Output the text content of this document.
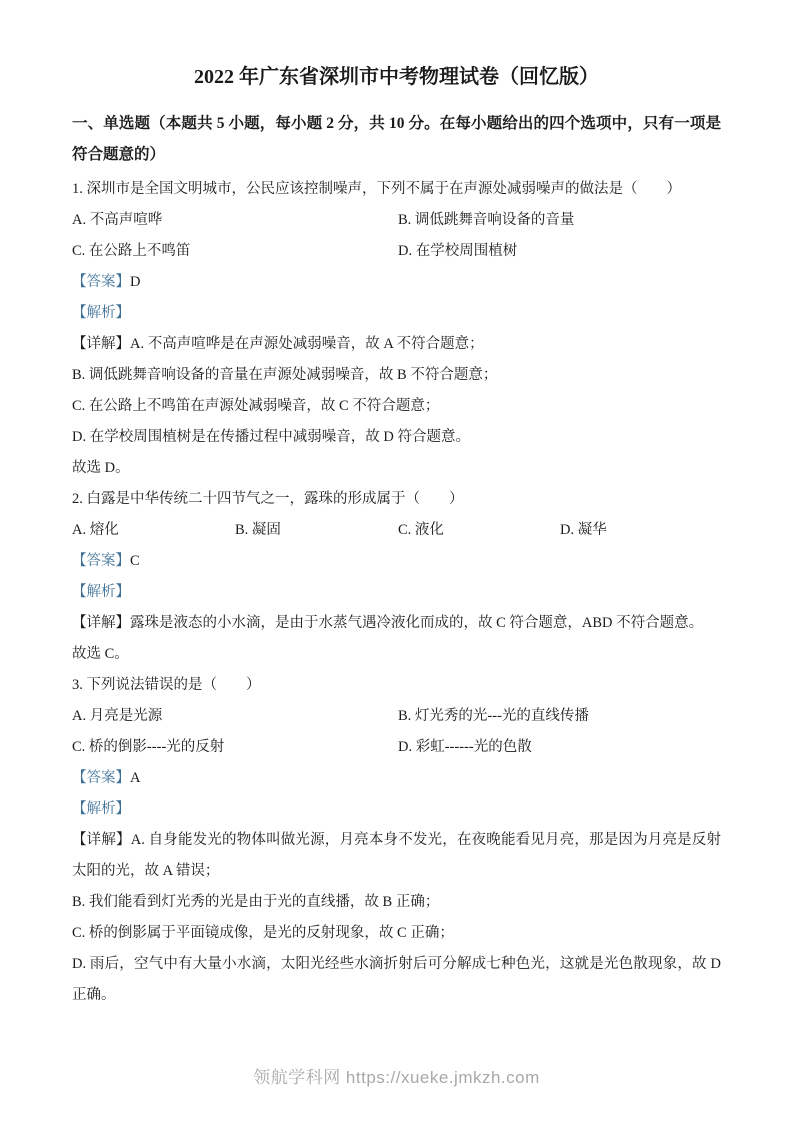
2022 年广东省深圳市中考物理试卷（回忆版）

一、单选题（本题共 5 小题，每小题 2 分，共 10 分。在每小题给出的四个选项中，只有一项是符合题意的）

1. 深圳市是全国文明城市，公民应该控制噪声，下列不属于在声源处减弱噪声的做法是（　　）

A. 不高声喧哗	B. 调低跳舞音响设备的音量
C. 在公路上不鸣笛	D. 在学校周围植树

【答案】D

【解析】

【详解】A. 不高声喧哗是在声源处减弱噪音，故 A 不符合题意；

B. 调低跳舞音响设备的音量在声源处减弱噪音，故 B 不符合题意；

C. 在公路上不鸣笛在声源处减弱噪音，故 C 不符合题意；

D. 在学校周围植树是在传播过程中减弱噪音，故 D 符合题意。

故选 D。

2. 白露是中华传统二十四节气之一，露珠的形成属于（　　）

A. 熔化	B. 凝固	C. 液化	D. 凝华

【答案】C

【解析】

【详解】露珠是液态的小水滴，是由于水蒸气遇冷液化而成的，故 C 符合题意，ABD 不符合题意。

故选 C。

3. 下列说法错误的是（　　）

A. 月亮是光源	B. 灯光秀的光---光的直线传播
C. 桥的倒影----光的反射	D. 彩虹------光的色散

【答案】A

【解析】

【详解】A. 自身能发光的物体叫做光源，月亮本身不发光，在夜晚能看见月亮，那是因为月亮是反射太阳的光，故 A 错误；

B. 我们能看到灯光秀的光是由于光的直线播，故 B 正确；

C. 桥的倒影属于平面镜成像，是光的反射现象，故 C 正确；

D. 雨后，空气中有大量小水滴，太阳光经些水滴折射后可分解成七种色光，这就是光色散现象，故 D 正确。

领航学科网 https://xueke.jmkzh.com
